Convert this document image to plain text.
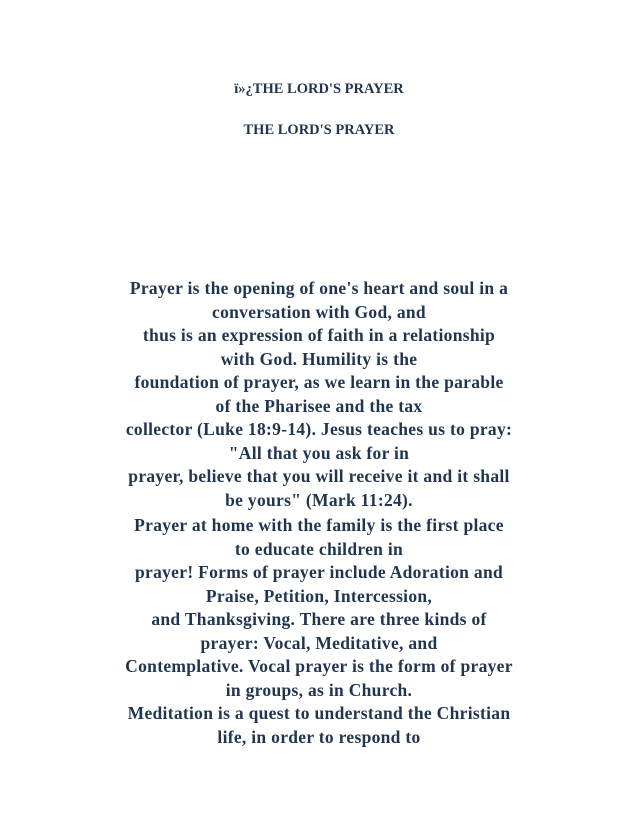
ï»¿THE LORD'S PRAYER
THE LORD'S PRAYER
Prayer is the opening of one's heart and soul in a
conversation with God, and
thus is an expression of faith in a relationship
with God. Humility is the
foundation of prayer, as we learn in the parable
of the Pharisee and the tax
collector (Luke 18:9-14). Jesus teaches us to pray:
"All that you ask for in
prayer, believe that you will receive it and it shall
be yours" (Mark 11:24).
Prayer at home with the family is the first place
to educate children in
prayer! Forms of prayer include Adoration and
Praise, Petition, Intercession,
and Thanksgiving. There are three kinds of
prayer: Vocal, Meditative, and
Contemplative. Vocal prayer is the form of prayer
in groups, as in Church.
Meditation is a quest to understand the Christian
life, in order to respond to
